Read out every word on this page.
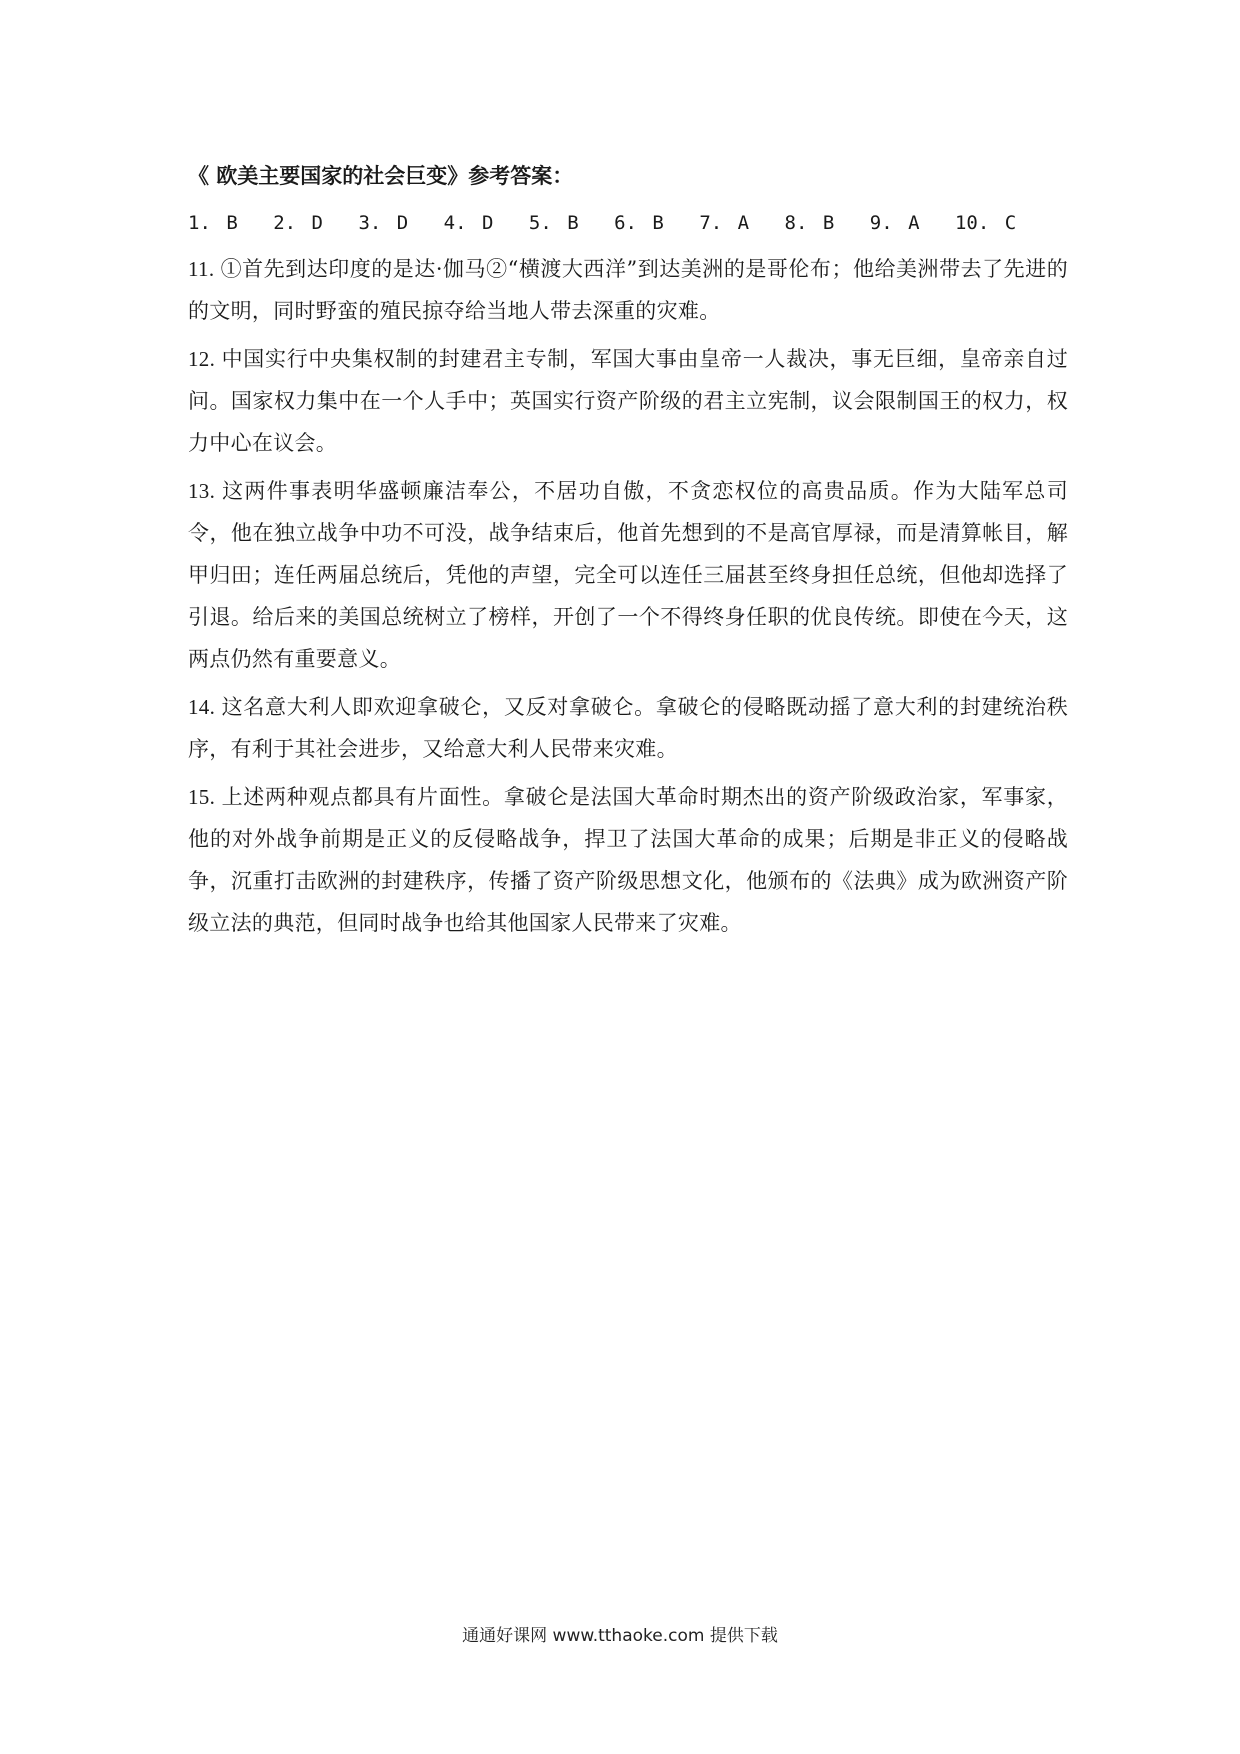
《 欧美主要国家的社会巨变》参考答案：
1. B 2. D 3. D 4. D 5. B 6. B 7. A 8. B 9. A 10. C

11. ①首先到达印度的是达·伽马②“横渡大西洋”到达美洲的是哥伦布；他给美洲带去了先进的的文明，同时野蛮的殖民掠夺给当地人带去深重的灾难。

12. 中国实行中央集权制的封建君主专制，军国大事由皇帝一人裁决，事无巨细，皇帝亲自过问。国家权力集中在一个人手中；英国实行资产阶级的君主立宪制，议会限制国王的权力，权力中心在议会。

13. 这两件事表明华盛顿廉洁奉公，不居功自傲，不贪恋权位的高贵品质。作为大陆军总司令，他在独立战争中功不可没，战争结束后，他首先想到的不是高官厚禄，而是清算帐目，解甲归田；连任两届总统后，凭他的声望，完全可以连任三届甚至终身担任总统，但他却选择了引退。给后来的美国总统树立了榜样，开创了一个不得终身任职的优良传统。即使在今天，这两点仍然有重要意义。

14. 这名意大利人即欢迎拿破仑，又反对拿破仑。拿破仑的侵略既动摇了意大利的封建统治秩序，有利于其社会进步，又给意大利人民带来灾难。

15. 上述两种观点都具有片面性。拿破仑是法国大革命时期杰出的资产阶级政治家，军事家，他的对外战争前期是正义的反侵略战争，捍卫了法国大革命的成果；后期是非正义的侵略战争，沉重打击欧洲的封建秩序，传播了资产阶级思想文化，他颁布的《法典》成为欧洲资产阶级立法的典范，但同时战争也给其他国家人民带来了灾难。

通通好课网 www.tthaoke.com 提供下载
